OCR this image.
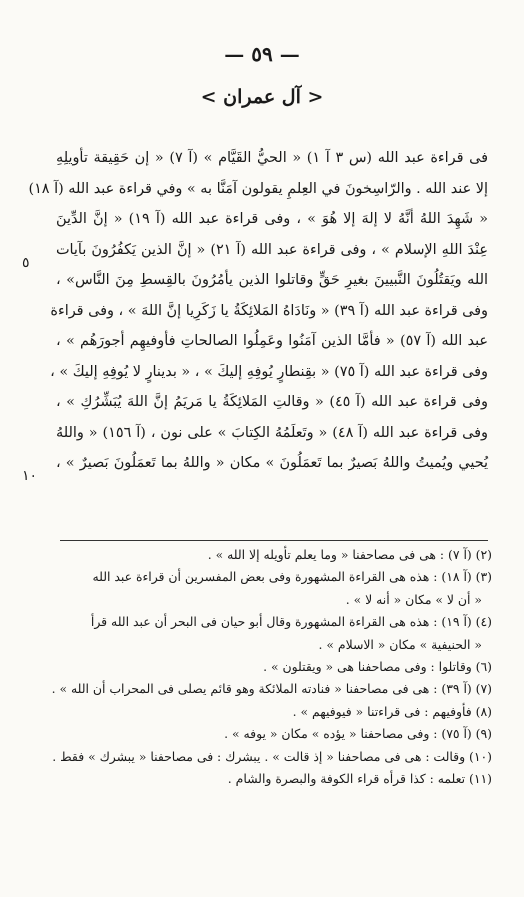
— ٥٩ —
< آل عمران >
٥
١٠
فى قراءة عبد الله (س ٣ آ ١) « الحيُّ القَيَّام » (آ ٧) « إن حَقِيقة تأويلِهِ
إلا عند الله . والرّاسِخونَ في العِلمِ يقولون آمَنَّا به » وفي قراءة عبد الله (آ ١٨)
« شَهِدَ اللهُ أنَّهُ لا إلهَ إلا هُوَ » ، وفى قراءة عبد الله (آ ١٩) « إنَّ الدِّينَ
عِنْدَ اللهِ الإسلام » ، وفى قراءة عبد الله (آ ٢١) « إنَّ الذين يَكفُرُونَ بآيات
الله ويَقتُلُونَ النَّبيينَ بغيرِ حَقٍّ وقاتلوا الذين يأمُرُونَ بالقِسطِ مِنَ النَّاس» ،
وفى قراءة عبد الله (آ ٣٩) « ونَادَاهُ المَلائِكَةُ يا زَكَرِيا إنَّ اللهَ » ، وفى قراءة
عبد الله (آ ٥٧) « فأمَّا الذين آمَنُوا وعَمِلُوا الصالحاتِ فأوفيهِم أجورَهُم » ،
وفى قراءة عبد الله (آ ٧٥) « بقِنطارٍ يُوفِهِ إليكَ » ، « بدينارٍ لا يُوفِهِ إليكَ » ،
وفى قراءة عبد الله (آ ٤٥) « وقالتِ المَلائِكَةُ يا مَريَمُ إنَّ اللهَ يُبَشِّرُكِ » ،
وفى قراءة عبد الله (آ ٤٨) « وتَعلَمُهُ الكِتابَ » على نون ، (آ ١٥٦) « واللهُ
يُحيي ويُميتُ واللهُ بَصيرٌ بما تَعمَلُونَ » مكان « واللهُ بما تَعمَلُونَ بَصيرٌ » ،
(٢) (آ ٧) : هى فى مصاحفنا « وما يعلم تأويله إلا الله » .
(٣) (آ ١٨) : هذه هى القراءة المشهورة وفى بعض المفسرين أن قراءة عبد الله
« أن لا » مكان « أنه لا » .
(٤) (آ ١٩) : هذه هى القراءة المشهورة وقال أبو حيان فى البحر أن عبد الله قرأ
« الحنيفية » مكان « الاسلام » .
(٦) وقاتلوا : وفى مصاحفنا هى « ويقتلون » .
(٧) (آ ٣٩) : هى فى مصاحفنا « فنادته الملائكة وهو قائم يصلى فى المحراب أن الله » .
(٨) فأوفيهم : فى قراءتنا « فيوفيهم » .
(٩) (آ ٧٥) : وفى مصاحفنا « يؤده » مكان « يوفه » .
(١٠) وقالت : هى فى مصاحفنا « إذ قالت » . يبشرك : فى مصاحفنا « يبشرك » فقط .
(١١) تعلمه : كذا قرأه قراء الكوفة والبصرة والشام .
